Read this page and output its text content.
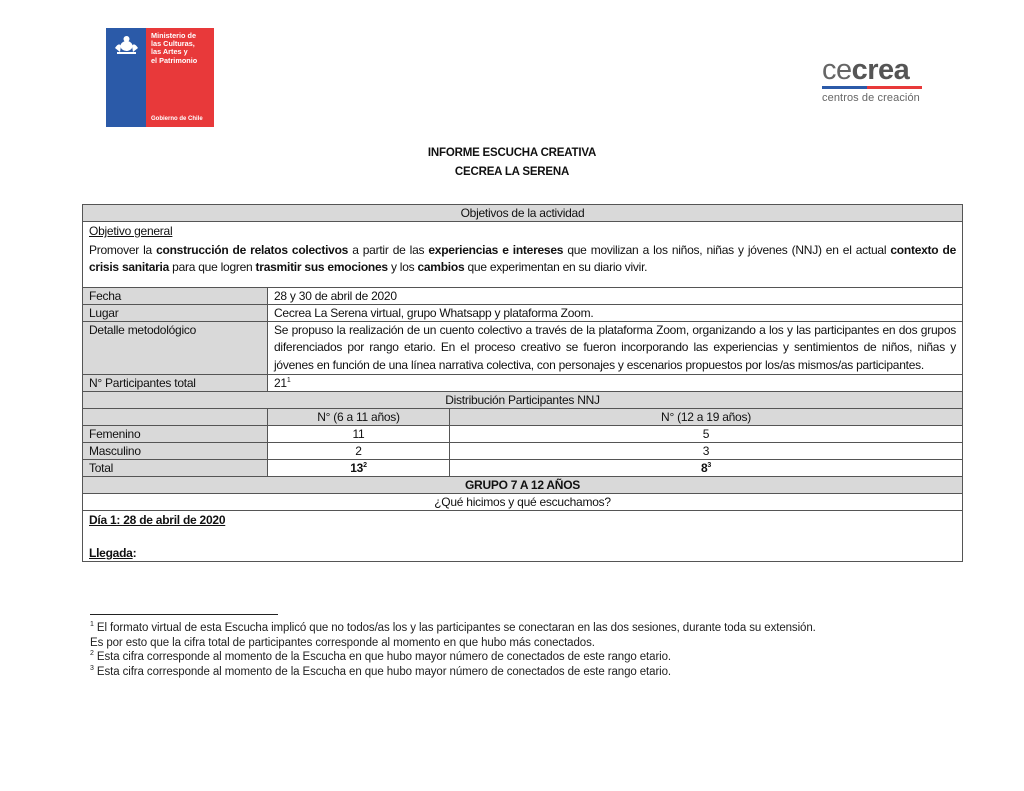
Ministerio de
las Culturas,
las Artes y
el Patrimonio
Gobierno de Chile
cecrea
centros de creación
INFORME ESCUCHA CREATIVA
CECREA LA SERENA
Objetivos de la actividad		

Objetivo general
Promover la construcción de relatos colectivos a partir de las experiencias e intereses que movilizan a los niños, niñas y jóvenes (NNJ) en el actual contexto de crisis sanitaria para que logren trasmitir sus emociones y los cambios que experimentan en su diario vivir.		

Fecha	28 y 30 de abril de 2020	
Lugar	Cecrea La Serena virtual, grupo Whatsapp y plataforma Zoom.	
Detalle metodológico	Se propuso la realización de un cuento colectivo a través de la plataforma Zoom, organizando a los y las participantes en dos grupos diferenciados por rango etario. En el proceso creativo se fueron incorporando las experiencias y sentimientos de niños, niñas y jóvenes en función de una línea narrativa colectiva, con personajes y escenarios propuestos por los/as mismos/as participantes.	
N° Participantes total	$21^1$
Distribución Participantes NNJ		
	N° (6 a 11 años)	N° (12 a 19 años)
Femenino	11	5
Masculino	2	3
Total	$13^2$	$8^3$
GRUPO 7 A 12 AÑOS		
¿Qué hicimos y qué escuchamos?		

Día 1: 28 de abril de 2020
Llegada:		
$^1$ El formato virtual de esta Escucha implicó que no todos/as los y las participantes se conectaran en las dos sesiones, durante toda su extensión.
Es por esto que la cifra total de participantes corresponde al momento en que hubo más conectados.
$^2$ Esta cifra corresponde al momento de la Escucha en que hubo mayor número de conectados de este rango etario.
$^3$ Esta cifra corresponde al momento de la Escucha en que hubo mayor número de conectados de este rango etario.
